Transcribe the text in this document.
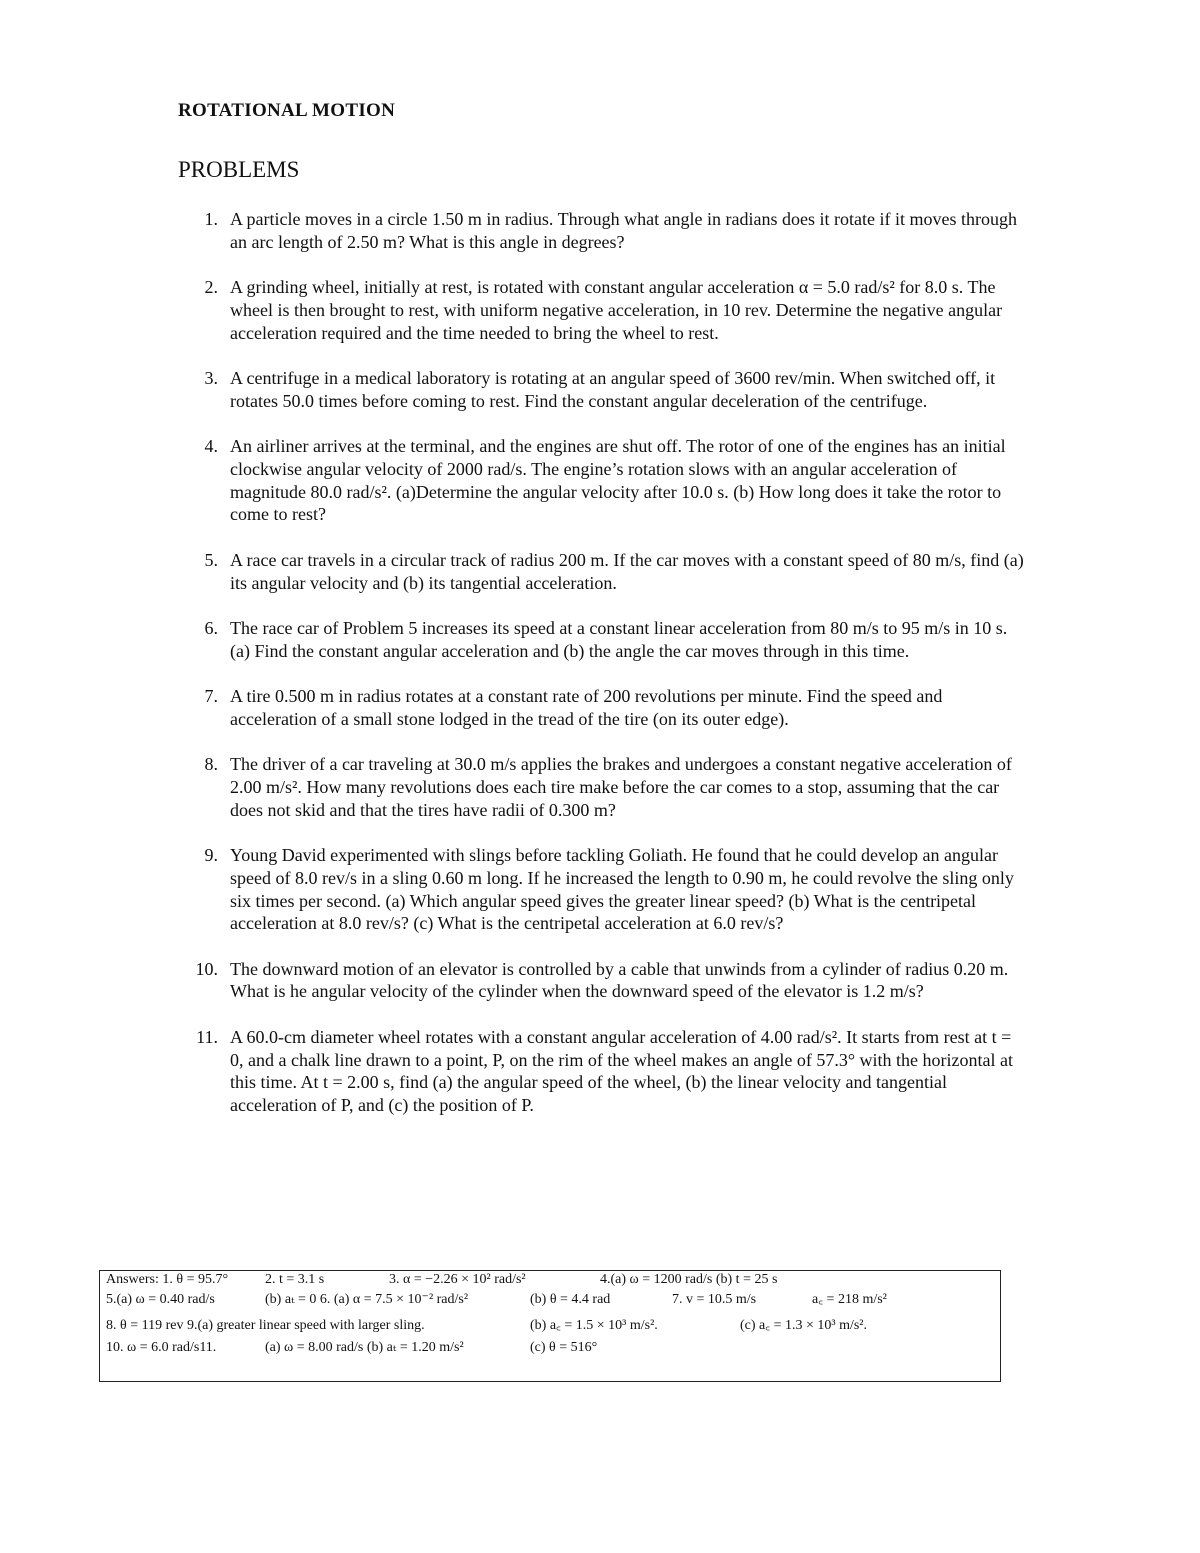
ROTATIONAL MOTION
PROBLEMS
1. A particle moves in a circle 1.50 m in radius. Through what angle in radians does it rotate if it moves through an arc length of 2.50 m? What is this angle in degrees?
2. A grinding wheel, initially at rest, is rotated with constant angular acceleration α = 5.0 rad/s² for 8.0 s. The wheel is then brought to rest, with uniform negative acceleration, in 10 rev. Determine the negative angular acceleration required and the time needed to bring the wheel to rest.
3. A centrifuge in a medical laboratory is rotating at an angular speed of 3600 rev/min. When switched off, it rotates 50.0 times before coming to rest. Find the constant angular deceleration of the centrifuge.
4. An airliner arrives at the terminal, and the engines are shut off. The rotor of one of the engines has an initial clockwise angular velocity of 2000 rad/s. The engine’s rotation slows with an angular acceleration of magnitude 80.0 rad/s². (a)Determine the angular velocity after 10.0 s. (b) How long does it take the rotor to come to rest?
5. A race car travels in a circular track of radius 200 m. If the car moves with a constant speed of 80 m/s, find (a) its angular velocity and (b) its tangential acceleration.
6. The race car of Problem 5 increases its speed at a constant linear acceleration from 80 m/s to 95 m/s in 10 s. (a) Find the constant angular acceleration and (b) the angle the car moves through in this time.
7. A tire 0.500 m in radius rotates at a constant rate of 200 revolutions per minute. Find the speed and acceleration of a small stone lodged in the tread of the tire (on its outer edge).
8. The driver of a car traveling at 30.0 m/s applies the brakes and undergoes a constant negative acceleration of 2.00 m/s². How many revolutions does each tire make before the car comes to a stop, assuming that the car does not skid and that the tires have radii of 0.300 m?
9. Young David experimented with slings before tackling Goliath. He found that he could develop an angular speed of 8.0 rev/s in a sling 0.60 m long. If he increased the length to 0.90 m, he could revolve the sling only six times per second. (a) Which angular speed gives the greater linear speed? (b) What is the centripetal acceleration at 8.0 rev/s? (c) What is the centripetal acceleration at 6.0 rev/s?
10. The downward motion of an elevator is controlled by a cable that unwinds from a cylinder of radius 0.20 m. What is he angular velocity of the cylinder when the downward speed of the elevator is 1.2 m/s?
11. A 60.0-cm diameter wheel rotates with a constant angular acceleration of 4.00 rad/s². It starts from rest at t = 0, and a chalk line drawn to a point, P, on the rim of the wheel makes an angle of 57.3° with the horizontal at this time. At t = 2.00 s, find (a) the angular speed of the wheel, (b) the linear velocity and tangential acceleration of P, and (c) the position of P.
Answers: 1. θ = 95.7°	2. t = 3.1 s	3. α = −2.26 × 10² rad/s²	4.(a) ω = 1200 rad/s (b) t = 25 s
5.(a) ω = 0.40 rad/s	(b) aₜ = 0 6. (a) α = 7.5 × 10⁻² rad/s²	(b) θ = 4.4 rad	7. v = 10.5 m/s	a꜀ = 218 m/s²
8. θ = 119 rev 9.(a) greater linear speed with larger sling.	(b) a꜀ = 1.5 × 10³ m/s².	(c) a꜀ = 1.3 × 10³ m/s².
10. ω = 6.0 rad/s11.	(a) ω = 8.00 rad/s (b) aₜ = 1.20 m/s²	(c) θ = 516°
